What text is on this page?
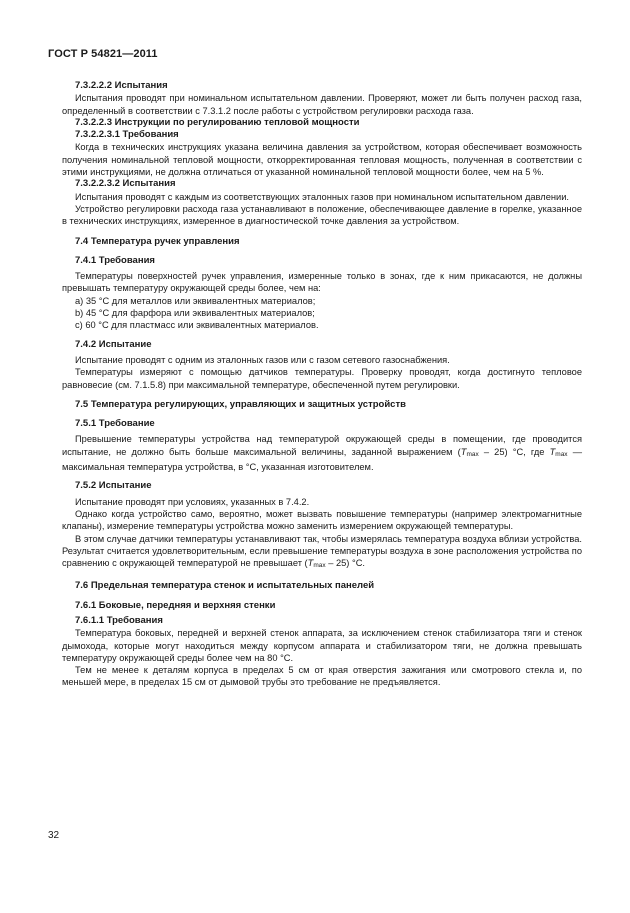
ГОСТ Р 54821—2011
7.3.2.2.2 Испытания

Испытания проводят при номинальном испытательном давлении. Проверяют, может ли быть получен расход газа, определенный в соответствии с 7.3.1.2 после работы с устройством регулировки расхода газа.

7.3.2.2.3 Инструкции по регулированию тепловой мощности
7.3.2.2.3.1 Требования

Когда в технических инструкциях указана величина давления за устройством, которая обеспечивает возможность получения номинальной тепловой мощности, откорректированная тепловая мощность, полученная в соответствии с этими инструкциями, не должна отличаться от указанной номинальной тепловой мощности более, чем на 5 %.

7.3.2.2.3.2 Испытания

Испытания проводят с каждым из соответствующих эталонных газов при номинальном испытательном давлении.

Устройство регулировки расхода газа устанавливают в положение, обеспечивающее давление в горелке, указанное в технических инструкциях, измеренное в диагностической точке давления за устройством.

7.4 Температура ручек управления
7.4.1 Требования

Температуры поверхностей ручек управления, измеренные только в зонах, где к ним прикасаются, не должны превышать температуру окружающей среды более, чем на:

а) 35 °С для металлов или эквивалентных материалов;

b) 45 °С для фарфора или эквивалентных материалов;

с) 60 °С для пластмасс или эквивалентных материалов.

7.4.2 Испытание

Испытание проводят с одним из эталонных газов или с газом сетевого газоснабжения.

Температуры измеряют с помощью датчиков температуры. Проверку проводят, когда достигнуто тепловое равновесие (см. 7.1.5.8) при максимальной температуре, обеспеченной путем регулировки.

7.5 Температура регулирующих, управляющих и защитных устройств
7.5.1 Требование

Превышение температуры устройства над температурой окружающей среды в помещении, где проводится испытание, не должно быть больше максимальной величины, заданной выражением (Tmax – 25) °С, где Tmax — максимальная температура устройства, в °С, указанная изготовителем.

7.5.2 Испытание

Испытание проводят при условиях, указанных в 7.4.2.

Однако когда устройство само, вероятно, может вызвать повышение температуры (например электромагнитные клапаны), измерение температуры устройства можно заменить измерением окружающей температуры.

В этом случае датчики температуры устанавливают так, чтобы измерялась температура воздуха вблизи устройства. Результат считается удовлетворительным, если превышение температуры воздуха в зоне расположения устройства по сравнению с окружающей температурой не превышает (Tmax – 25) °С.

7.6 Предельная температура стенок и испытательных панелей
7.6.1 Боковые, передняя и верхняя стенки
7.6.1.1 Требования

Температура боковых, передней и верхней стенок аппарата, за исключением стенок стабилизатора тяги и стенок дымохода, которые могут находиться между корпусом аппарата и стабилизатором тяги, не должна превышать температуру окружающей среды более чем на 80 °С.

Тем не менее к деталям корпуса в пределах 5 см от края отверстия зажигания или смотрового стекла и, по меньшей мере, в пределах 15 см от дымовой трубы это требование не предъявляется.

32
